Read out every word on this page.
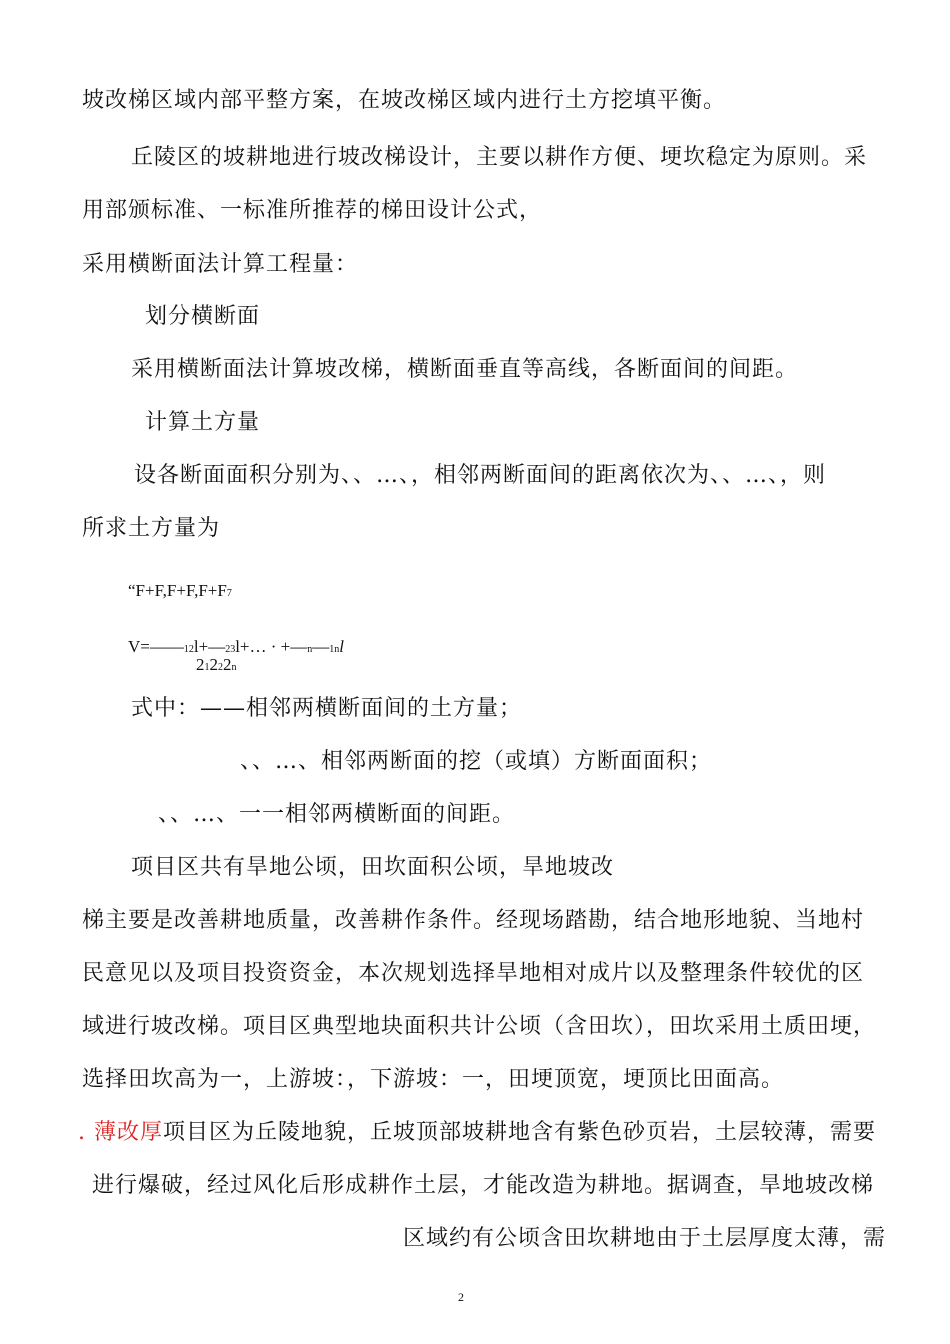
坡改梯区域内部平整方案，在坡改梯区域内进行土方挖填平衡。
丘陵区的坡耕地进行坡改梯设计，主要以耕作方便、埂坎稳定为原则。采
用部颁标准、一标准所推荐的梯田设计公式，
采用横断面法计算工程量：
划分横断面
采用横断面法计算坡改梯，横断面垂直等高线，各断面间的间距。
计算土方量
设各断面面积分别为、、…、，相邻两断面间的距离依次为、、…、，则
所求土方量为
“F+F,F+F,F+F7
V=——12l+—23l+… · +—n—1nl
21222n
式中：——相邻两横断面间的土方量；
、、…、相邻两断面的挖（或填）方断面面积；
、、…、一一相邻两横断面的间距。
项目区共有旱地公顷，田坎面积公顷，旱地坡改
梯主要是改善耕地质量，改善耕作条件。经现场踏勘，结合地形地貌、当地村
民意见以及项目投资资金，本次规划选择旱地相对成片以及整理条件较优的区
域进行坡改梯。项目区典型地块面积共计公顷（含田坎），田坎采用土质田埂，
选择田坎高为一，上游坡：，下游坡：一，田埂顶宽，埂顶比田面高。
. 薄改厚项目区为丘陵地貌，丘坡顶部坡耕地含有紫色砂页岩，土层较薄，需要
进行爆破，经过风化后形成耕作土层，才能改造为耕地。据调查，旱地坡改梯
区域约有公顷含田坎耕地由于土层厚度太薄，需
2
